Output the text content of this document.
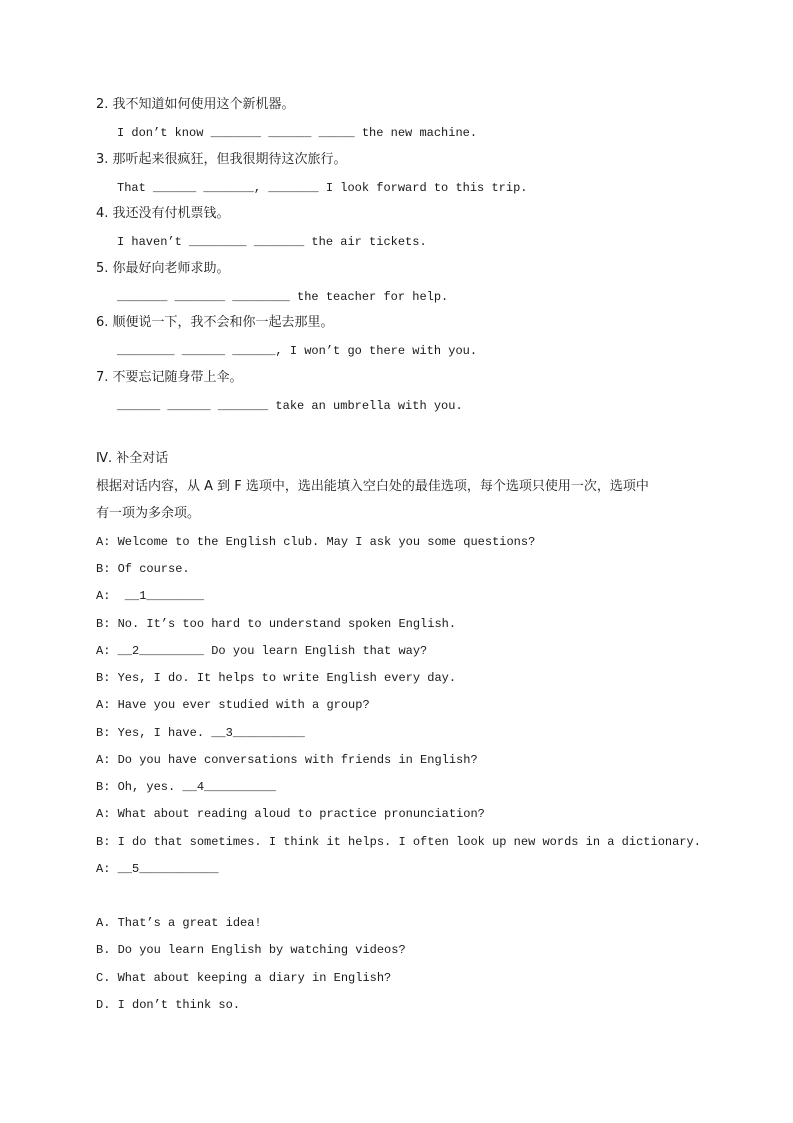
2. 我不知道如何使用这个新机器。
I don’t know _______ ______ _____ the new machine.
3. 那听起来很疯狂，但我很期待这次旅行。
That ______ _______, _______ I look forward to this trip.
4. 我还没有付机票钱。
I haven’t ________ _______ the air tickets.
5. 你最好向老师求助。
_______ _______ ________ the teacher for help.
6. 顺便说一下，我不会和你一起去那里。
________ ______ ______, I won’t go there with you.
7. 不要忘记随身带上伞。
______ ______ _______ take an umbrella with you.
Ⅳ. 补全对话
根据对话内容，从 A 到 F 选项中，选出能填入空白处的最佳选项，每个选项只使用一次，选项中
有一项为多余项。
A: Welcome to the English club. May I ask you some questions?
B: Of course.
A:  __1________
B: No. It’s too hard to understand spoken English.
A: __2_________ Do you learn English that way?
B: Yes, I do. It helps to write English every day.
A: Have you ever studied with a group?
B: Yes, I have. __3__________
A: Do you have conversations with friends in English?
B: Oh, yes. __4__________
A: What about reading aloud to practice pronunciation?
B: I do that sometimes. I think it helps. I often look up new words in a dictionary.
A: __5___________
A. That’s a great idea!
B. Do you learn English by watching videos?
C. What about keeping a diary in English?
D. I don’t think so.
